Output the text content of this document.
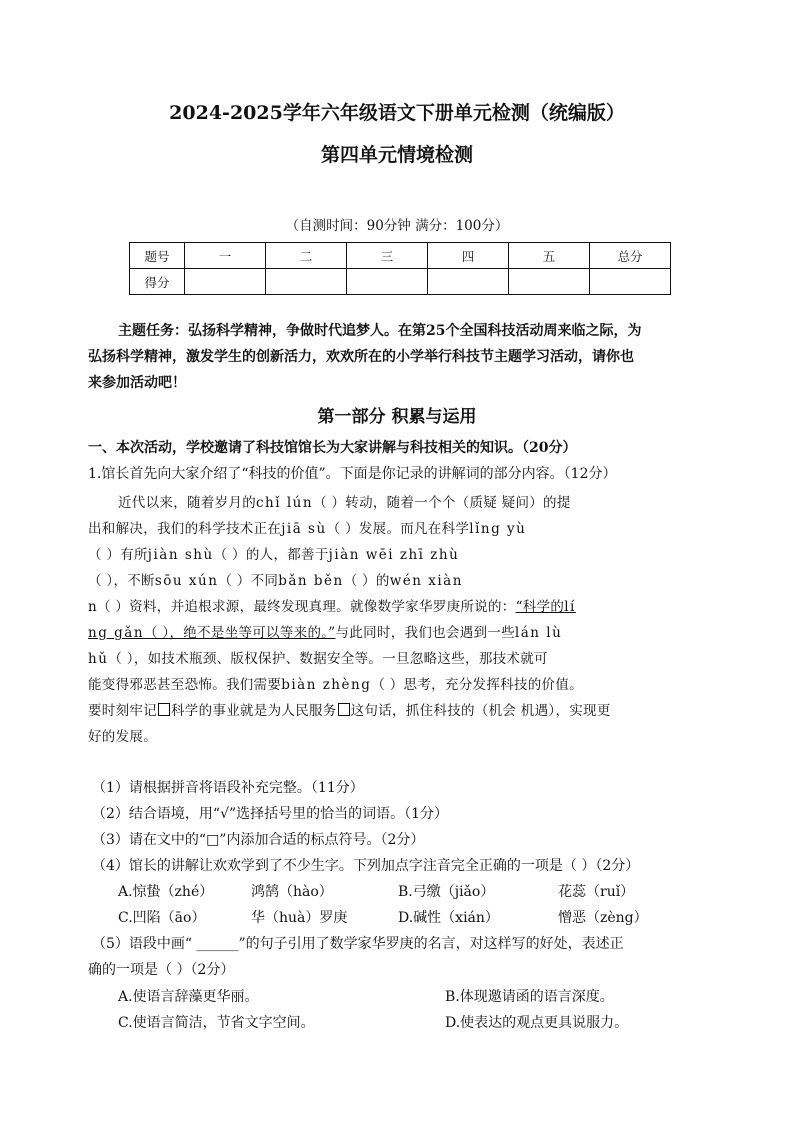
2024-2025学年六年级语文下册单元检测（统编版）
第四单元情境检测
（自测时间：90分钟 满分：100分）
题号	一	二	三	四	五	总分
得分						
主题任务：弘扬科学精神，争做时代追梦人。在第25个全国科技活动周来临之际，为
弘扬科学精神，激发学生的创新活力，欢欢所在的小学举行科技节主题学习活动，请你也
来参加活动吧！
第一部分 积累与运用
一、本次活动，学校邀请了科技馆馆长为大家讲解与科技相关的知识。（20分）
1.馆长首先向大家介绍了“科技的价值”。下面是你记录的讲解词的部分内容。（12分）
近代以来，随着岁月的chǐ lún（ ）转动，随着一个个（质疑 疑问）的提
出和解决，我们的科学技术正在jiā sù（ ）发展。而凡在科学lǐng yù
（ ）有所jiàn shù（ ）的人，都善于jiàn wēi zhī zhù
（ ），不断sōu xún（ ）不同bǎn běn（ ）的wén xiàn
n（ ）资料，并追根求源，最终发现真理。就像数学家华罗庚所说的：“科学的lí
ng gǎn（ ），绝不是坐等可以等来的。”与此同时，我们也会遇到一些lán lù
hǔ（ ），如技术瓶颈、版权保护、数据安全等。一旦忽略这些，那技术就可
能变得邪恶甚至恐怖。我们需要biàn zhèng（ ）思考，充分发挥科技的价值。
要时刻牢记 科学的事业就是为人民服务 这句话，抓住科技的（机会 机遇），实现更
好的发展。
（1）请根据拼音将语段补充完整。（11分）
（2）结合语境，用“√”选择括号里的恰当的词语。（1分）
（3）请在文中的“□”内添加合适的标点符号。（2分）
（4）馆长的讲解让欢欢学到了不少生字。下列加点字注音完全正确的一项是（ ）（2分）
A.惊蛰（zhé）	鸿鹄（hào）	B.弓缴（jiǎo）	花蕊（ruǐ）
C.凹陷（āo）	华（huà）罗庚	D.碱性（xián）	憎恶（zèng）
（5）语段中画“ ______”的句子引用了数学家华罗庚的名言，对这样写的好处，表述正
确的一项是（ ）（2分）
A.使语言辞藻更华丽。	B.体现邀请函的语言深度。
C.使语言简洁，节省文字空间。	D.使表达的观点更具说服力。
